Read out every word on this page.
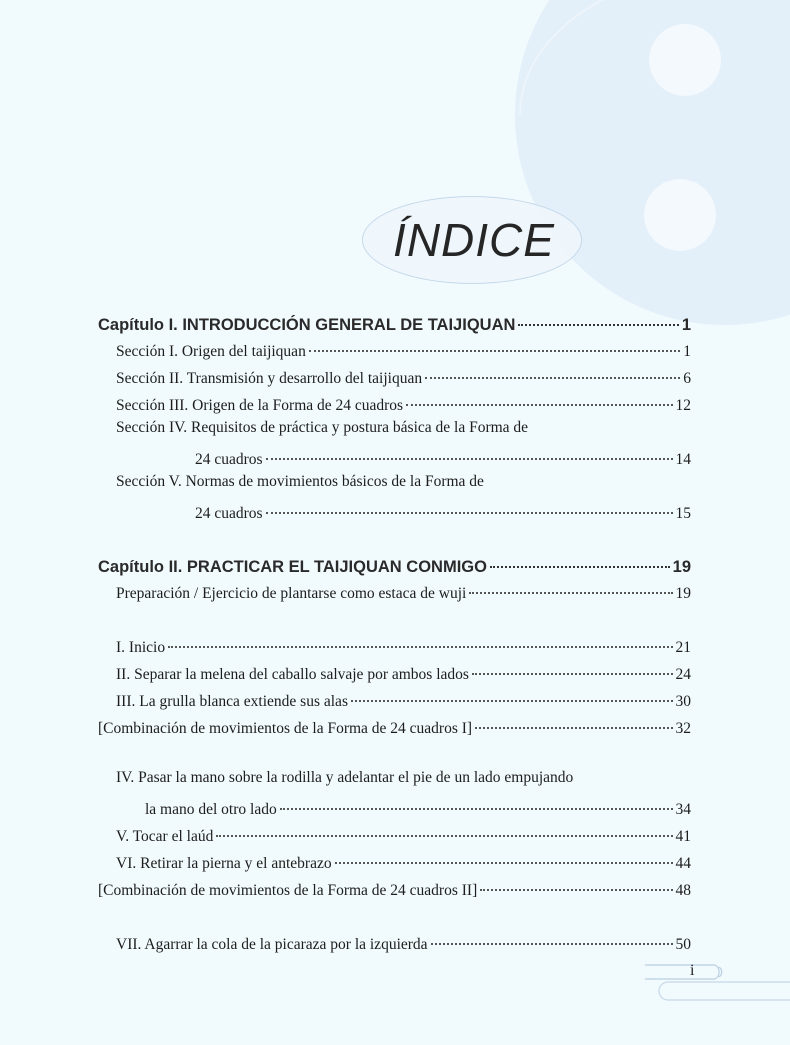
ÍNDICE
Capítulo I. INTRODUCCIÓN GENERAL DE TAIJIQUAN	1
Sección I. Origen del taijiquan	1
Sección II. Transmisión y desarrollo del taijiquan	6
Sección III. Origen de la Forma de 24 cuadros	12
Sección IV. Requisitos de práctica y postura básica de la Forma de
24 cuadros	14
Sección V. Normas de movimientos básicos de la Forma de
24 cuadros	15
Capítulo II. PRACTICAR EL TAIJIQUAN CONMIGO	19
Preparación / Ejercicio de plantarse como estaca de wuji	19
I. Inicio	21
II. Separar la melena del caballo salvaje por ambos lados	24
III. La grulla blanca extiende sus alas	30
[Combinación de movimientos de la Forma de 24 cuadros I]	32
IV. Pasar la mano sobre la rodilla y adelantar el pie de un lado empujando
la mano del otro lado	34
V. Tocar el laúd	41
VI. Retirar la pierna y el antebrazo	44
[Combinación de movimientos de la Forma de 24 cuadros II]	48
VII. Agarrar la cola de la picaraza por la izquierda	50
i
